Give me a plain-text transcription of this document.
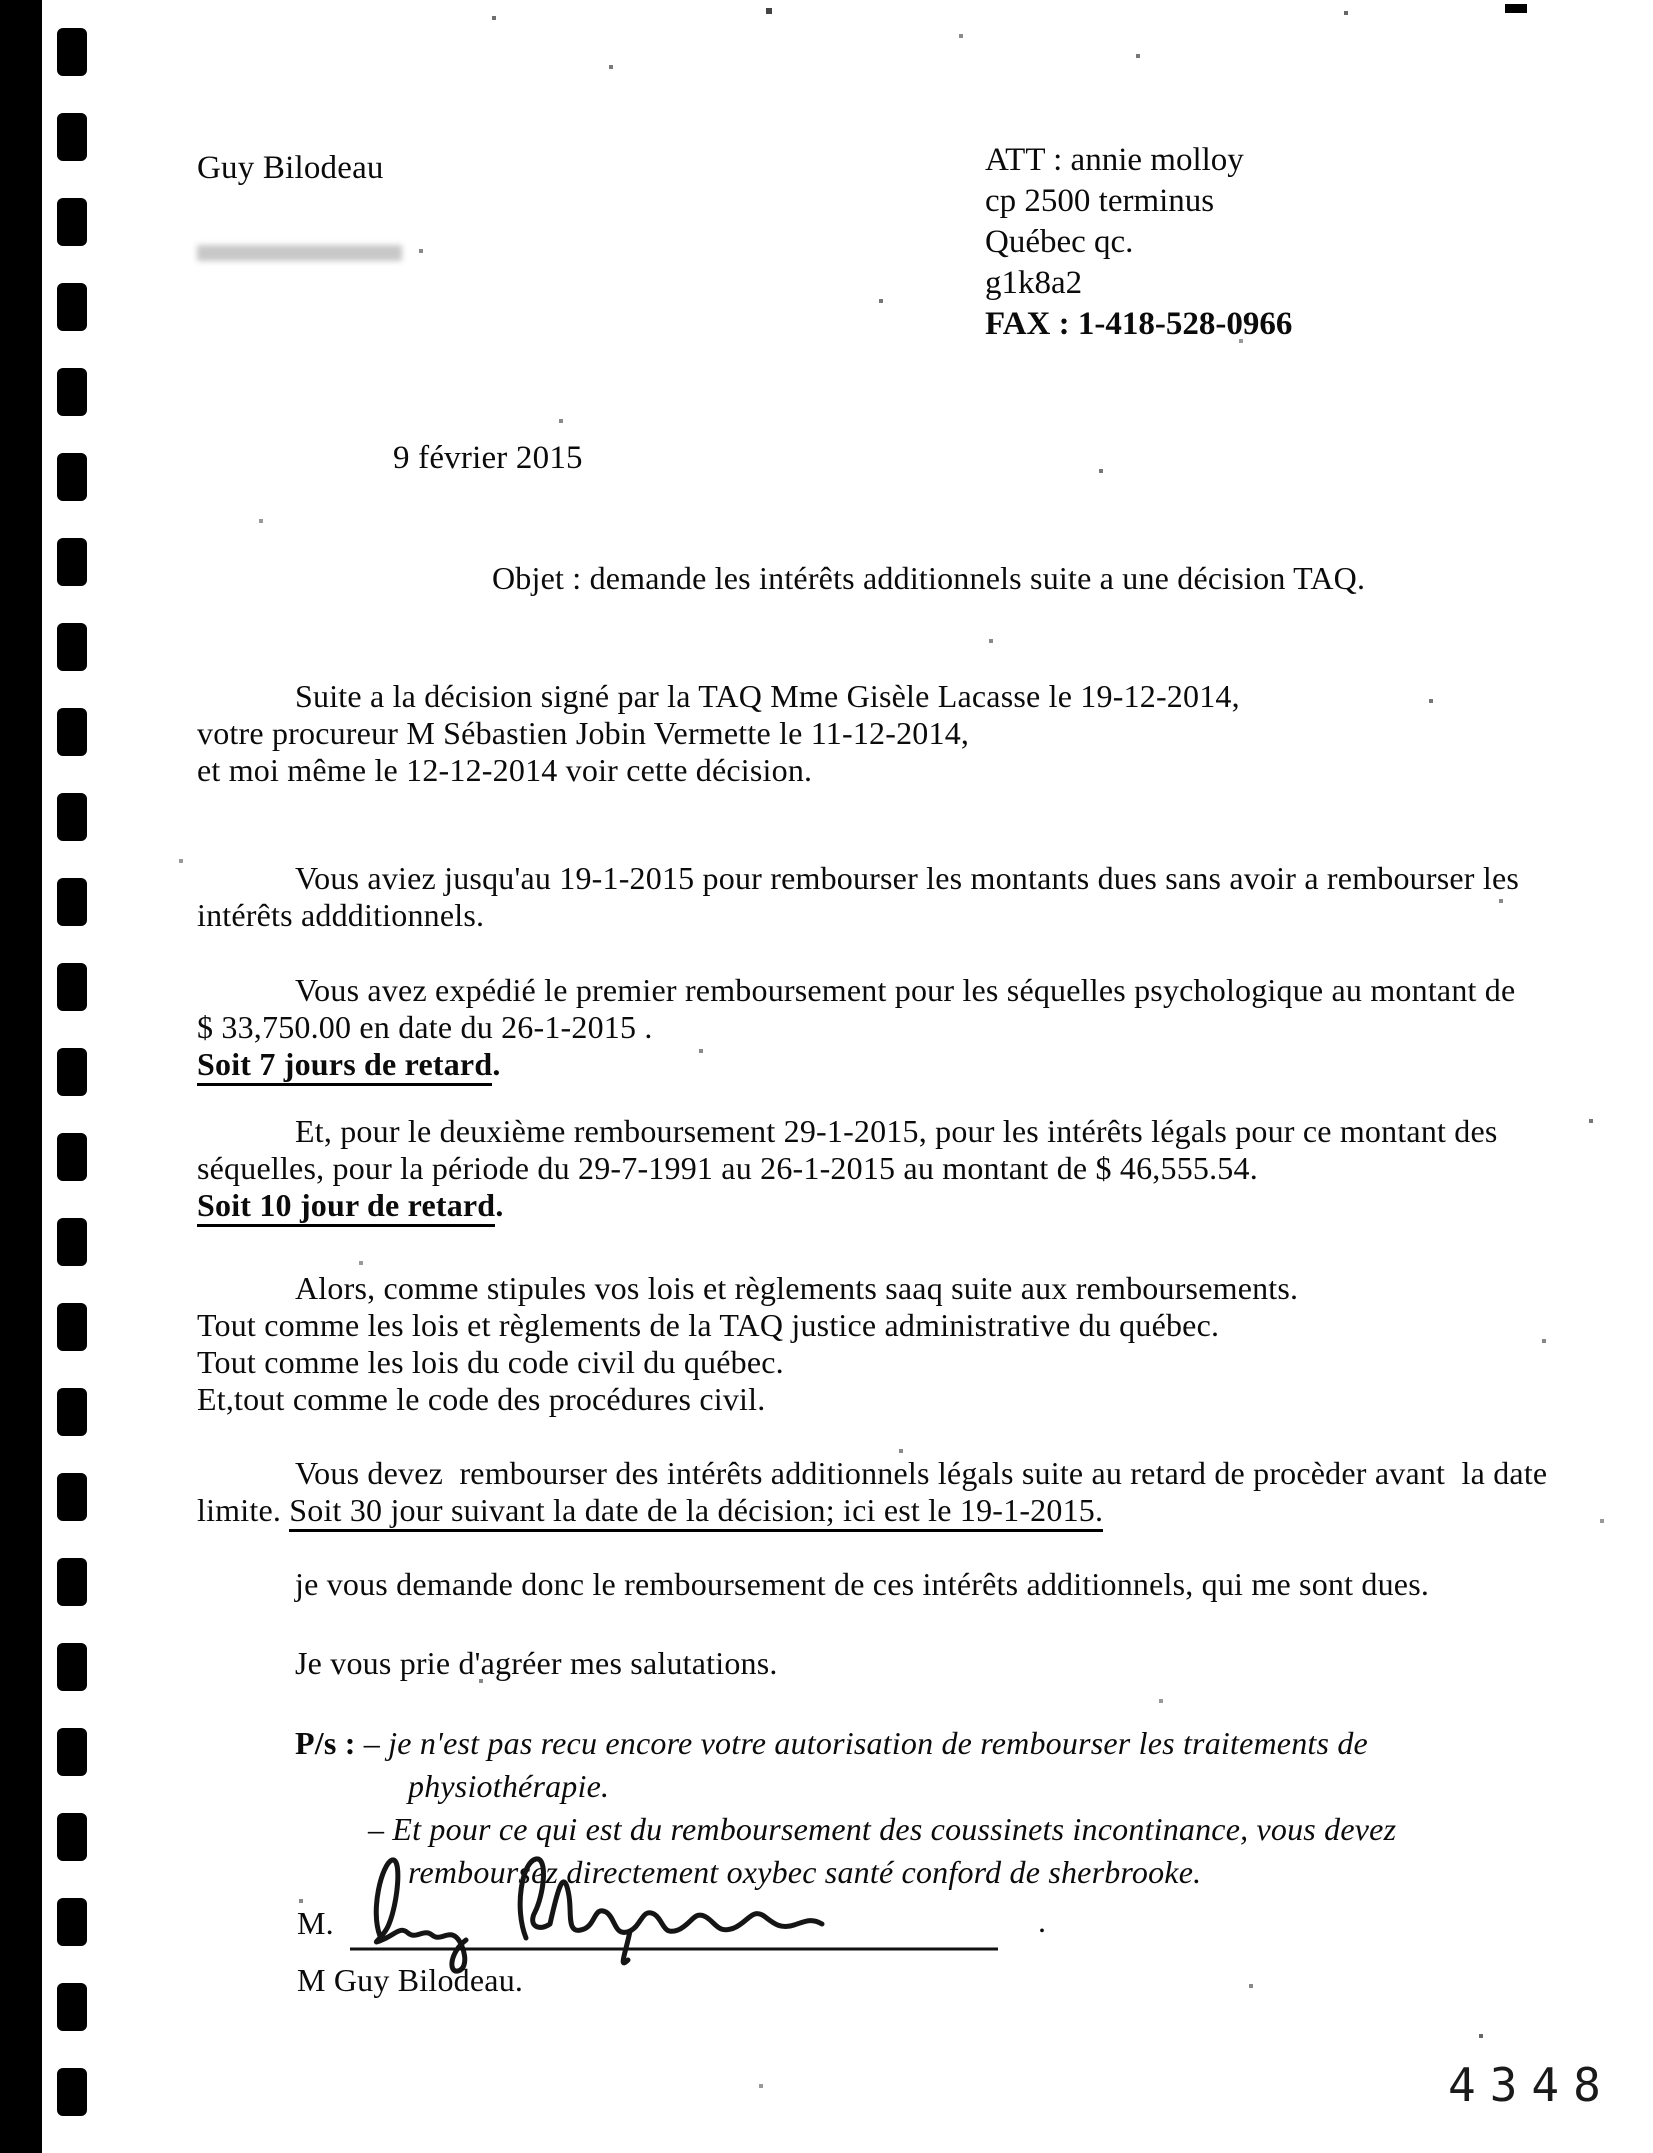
Guy Bilodeau	ATT : annie molloy
cp 2500 terminus
Québec qc.
g1k8a2
FAX : 1-418-528-0966
9 février 2015
Objet : demande les intérêts additionnels suite a une décision TAQ.
Suite a la décision signé par la TAQ Mme Gisèle Lacasse le 19-12-2014,
votre procureur M Sébastien Jobin Vermette le 11-12-2014,
et moi même le 12-12-2014 voir cette décision.
Vous aviez jusqu'au 19-1-2015 pour rembourser les montants dues sans avoir a rembourser les
intérêts addditionnels.
Vous avez expédié le premier remboursement pour les séquelles psychologique au montant de
$ 33,750.00 en date du 26-1-2015 .
Soit 7 jours de retard.
Et, pour le deuxième remboursement 29-1-2015, pour les intérêts légals pour ce montant des
séquelles, pour la période du 29-7-1991 au 26-1-2015 au montant de $ 46,555.54.
Soit 10 jour de retard.
Alors, comme stipules vos lois et règlements saaq suite aux remboursements.
Tout comme les lois et règlements de la TAQ justice administrative du québec.
Tout comme les lois du code civil du québec.
Et,tout comme le code des procédures civil.
Vous devez  rembourser des intérêts additionnels légals suite au retard de procèder avant  la date
limite. Soit 30 jour suivant la date de la décision; ici est le 19-1-2015.
je vous demande donc le remboursement de ces intérêts additionnels, qui me sont dues.
Je vous prie d'agréer mes salutations.
P/s : – je n'est pas recu encore votre autorisation de rembourser les traitements de
physiothérapie.
– Et pour ce qui est du remboursement des coussinets incontinance, vous devez
remboursez directement oxybec santé conford de sherbrooke.
M.	.
M Guy Bilodeau.
4348
